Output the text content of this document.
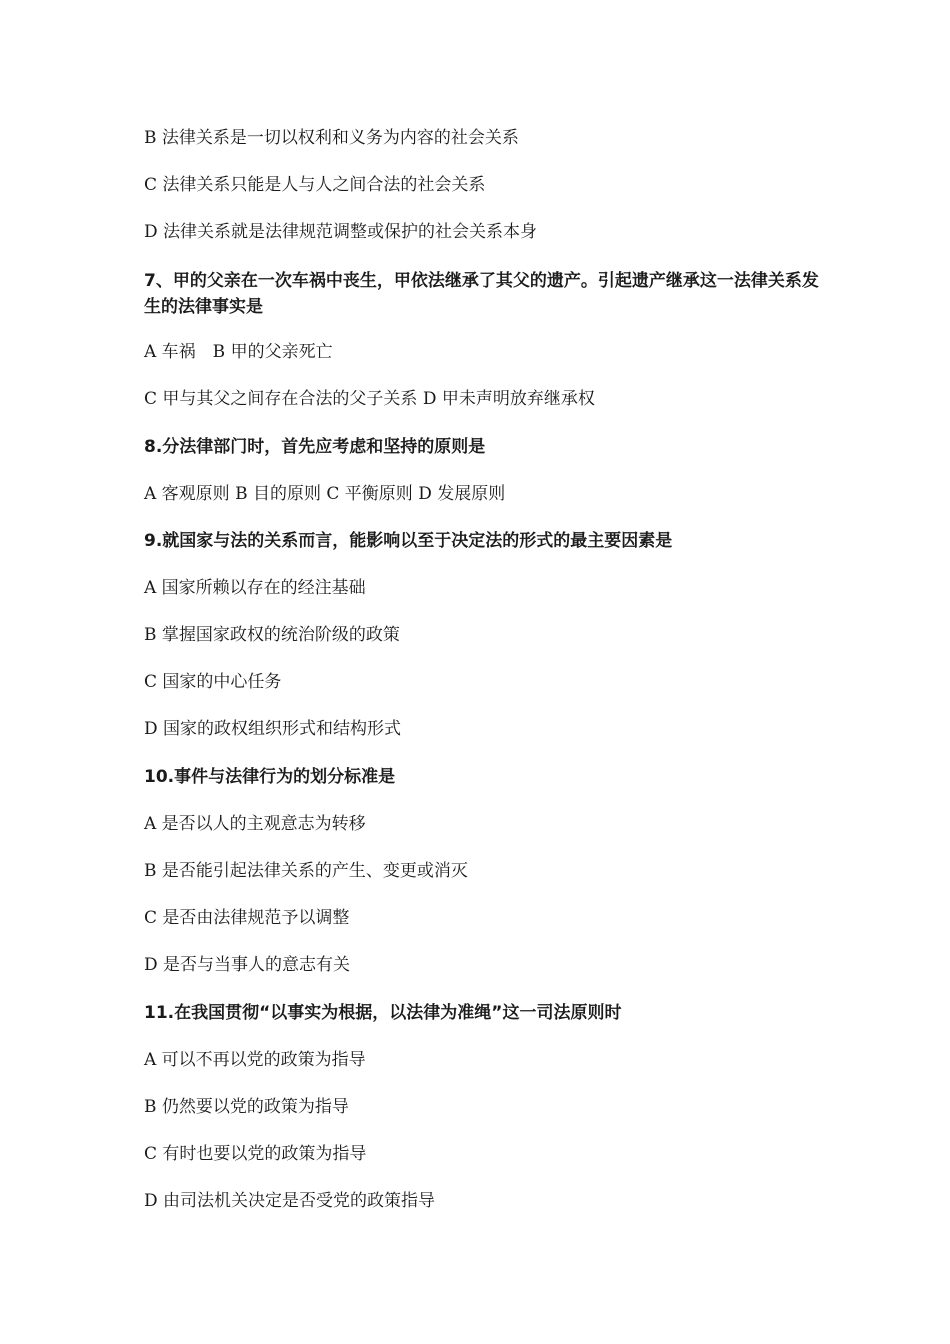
B 法律关系是一切以权利和义务为内容的社会关系
C 法律关系只能是人与人之间合法的社会关系
D 法律关系就是法律规范调整或保护的社会关系本身
7、甲的父亲在一次车祸中丧生，甲依法继承了其父的遗产。引起遗产继承这一法律关系发生的法律事实是
A 车祸　B 甲的父亲死亡
C 甲与其父之间存在合法的父子关系 D 甲未声明放弃继承权
8.分法律部门时，首先应考虑和坚持的原则是
A 客观原则 B 目的原则 C 平衡原则 D 发展原则
9.就国家与法的关系而言，能影响以至于决定法的形式的最主要因素是
A 国家所赖以存在的经注基础
B 掌握国家政权的统治阶级的政策
C 国家的中心任务
D 国家的政权组织形式和结构形式
10.事件与法律行为的划分标准是
A 是否以人的主观意志为转移
B 是否能引起法律关系的产生、变更或消灭
C 是否由法律规范予以调整
D 是否与当事人的意志有关
11.在我国贯彻“以事实为根据，以法律为准绳”这一司法原则时
A 可以不再以党的政策为指导
B 仍然要以党的政策为指导
C 有时也要以党的政策为指导
D 由司法机关决定是否受党的政策指导
